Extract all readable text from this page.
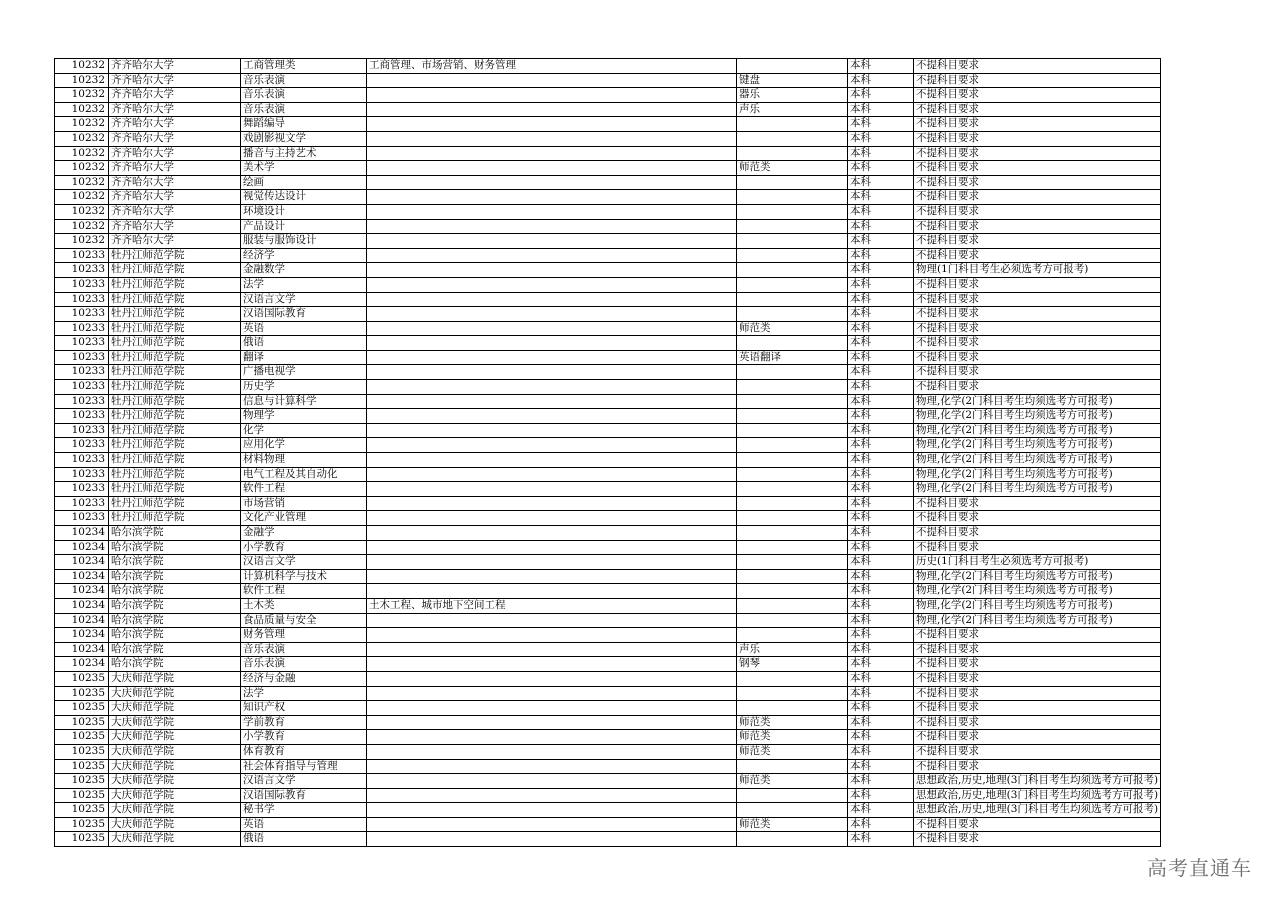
10232	齐齐哈尔大学	工商管理类	工商管理、市场营销、财务管理		本科	不提科目要求
10232	齐齐哈尔大学	音乐表演		键盘	本科	不提科目要求
10232	齐齐哈尔大学	音乐表演		器乐	本科	不提科目要求
10232	齐齐哈尔大学	音乐表演		声乐	本科	不提科目要求
10232	齐齐哈尔大学	舞蹈编导			本科	不提科目要求
10232	齐齐哈尔大学	戏剧影视文学			本科	不提科目要求
10232	齐齐哈尔大学	播音与主持艺术			本科	不提科目要求
10232	齐齐哈尔大学	美术学		师范类	本科	不提科目要求
10232	齐齐哈尔大学	绘画			本科	不提科目要求
10232	齐齐哈尔大学	视觉传达设计			本科	不提科目要求
10232	齐齐哈尔大学	环境设计			本科	不提科目要求
10232	齐齐哈尔大学	产品设计			本科	不提科目要求
10232	齐齐哈尔大学	服装与服饰设计			本科	不提科目要求
10233	牡丹江师范学院	经济学			本科	不提科目要求
10233	牡丹江师范学院	金融数学			本科	物理(1门科目考生必须选考方可报考)
10233	牡丹江师范学院	法学			本科	不提科目要求
10233	牡丹江师范学院	汉语言文学			本科	不提科目要求
10233	牡丹江师范学院	汉语国际教育			本科	不提科目要求
10233	牡丹江师范学院	英语		师范类	本科	不提科目要求
10233	牡丹江师范学院	俄语			本科	不提科目要求
10233	牡丹江师范学院	翻译		英语翻译	本科	不提科目要求
10233	牡丹江师范学院	广播电视学			本科	不提科目要求
10233	牡丹江师范学院	历史学			本科	不提科目要求
10233	牡丹江师范学院	信息与计算科学			本科	物理,化学(2门科目考生均须选考方可报考)
10233	牡丹江师范学院	物理学			本科	物理,化学(2门科目考生均须选考方可报考)
10233	牡丹江师范学院	化学			本科	物理,化学(2门科目考生均须选考方可报考)
10233	牡丹江师范学院	应用化学			本科	物理,化学(2门科目考生均须选考方可报考)
10233	牡丹江师范学院	材料物理			本科	物理,化学(2门科目考生均须选考方可报考)
10233	牡丹江师范学院	电气工程及其自动化			本科	物理,化学(2门科目考生均须选考方可报考)
10233	牡丹江师范学院	软件工程			本科	物理,化学(2门科目考生均须选考方可报考)
10233	牡丹江师范学院	市场营销			本科	不提科目要求
10233	牡丹江师范学院	文化产业管理			本科	不提科目要求
10234	哈尔滨学院	金融学			本科	不提科目要求
10234	哈尔滨学院	小学教育			本科	不提科目要求
10234	哈尔滨学院	汉语言文学			本科	历史(1门科目考生必须选考方可报考)
10234	哈尔滨学院	计算机科学与技术			本科	物理,化学(2门科目考生均须选考方可报考)
10234	哈尔滨学院	软件工程			本科	物理,化学(2门科目考生均须选考方可报考)
10234	哈尔滨学院	土木类	土木工程、城市地下空间工程		本科	物理,化学(2门科目考生均须选考方可报考)
10234	哈尔滨学院	食品质量与安全			本科	物理,化学(2门科目考生均须选考方可报考)
10234	哈尔滨学院	财务管理			本科	不提科目要求
10234	哈尔滨学院	音乐表演		声乐	本科	不提科目要求
10234	哈尔滨学院	音乐表演		钢琴	本科	不提科目要求
10235	大庆师范学院	经济与金融			本科	不提科目要求
10235	大庆师范学院	法学			本科	不提科目要求
10235	大庆师范学院	知识产权			本科	不提科目要求
10235	大庆师范学院	学前教育		师范类	本科	不提科目要求
10235	大庆师范学院	小学教育		师范类	本科	不提科目要求
10235	大庆师范学院	体育教育		师范类	本科	不提科目要求
10235	大庆师范学院	社会体育指导与管理			本科	不提科目要求
10235	大庆师范学院	汉语言文学		师范类	本科	思想政治,历史,地理(3门科目考生均须选考方可报考)
10235	大庆师范学院	汉语国际教育			本科	思想政治,历史,地理(3门科目考生均须选考方可报考)
10235	大庆师范学院	秘书学			本科	思想政治,历史,地理(3门科目考生均须选考方可报考)
10235	大庆师范学院	英语		师范类	本科	不提科目要求
10235	大庆师范学院	俄语			本科	不提科目要求
高考直通车
